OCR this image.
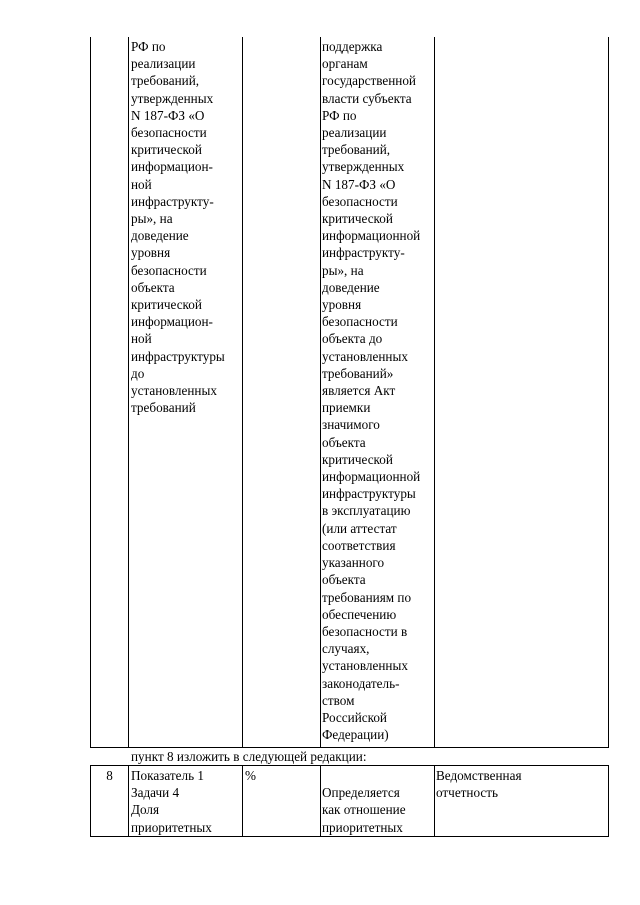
РФ по
реализации
требований,
утвержденных
N 187-ФЗ «О
безопасности
критической
информацион-
ной
инфраструкту-
ры», на
доведение
уровня
безопасности
объекта
критической
информацион-
ной
инфраструктуры
до
установленных
требований
поддержка
органам
государственной
власти субъекта
РФ по
реализации
требований,
утвержденных
N 187-ФЗ «О
безопасности
критической
информационной
инфраструкту-
ры», на
доведение
уровня
безопасности
объекта до
установленных
требований»
является Акт
приемки
значимого
объекта
критической
информационной
инфраструктуры
в эксплуатацию
(или аттестат
соответствия
указанного
объекта
требованиям по
обеспечению
безопасности в
случаях,
установленных
законодатель-
ством
Российской
Федерации)
пункт 8 изложить в следующей редакции:
8	Показатель 1
Задачи 4
Доля
приоритетных
%

Определяется
как отношение
приоритетных
Ведомственная
отчетность
